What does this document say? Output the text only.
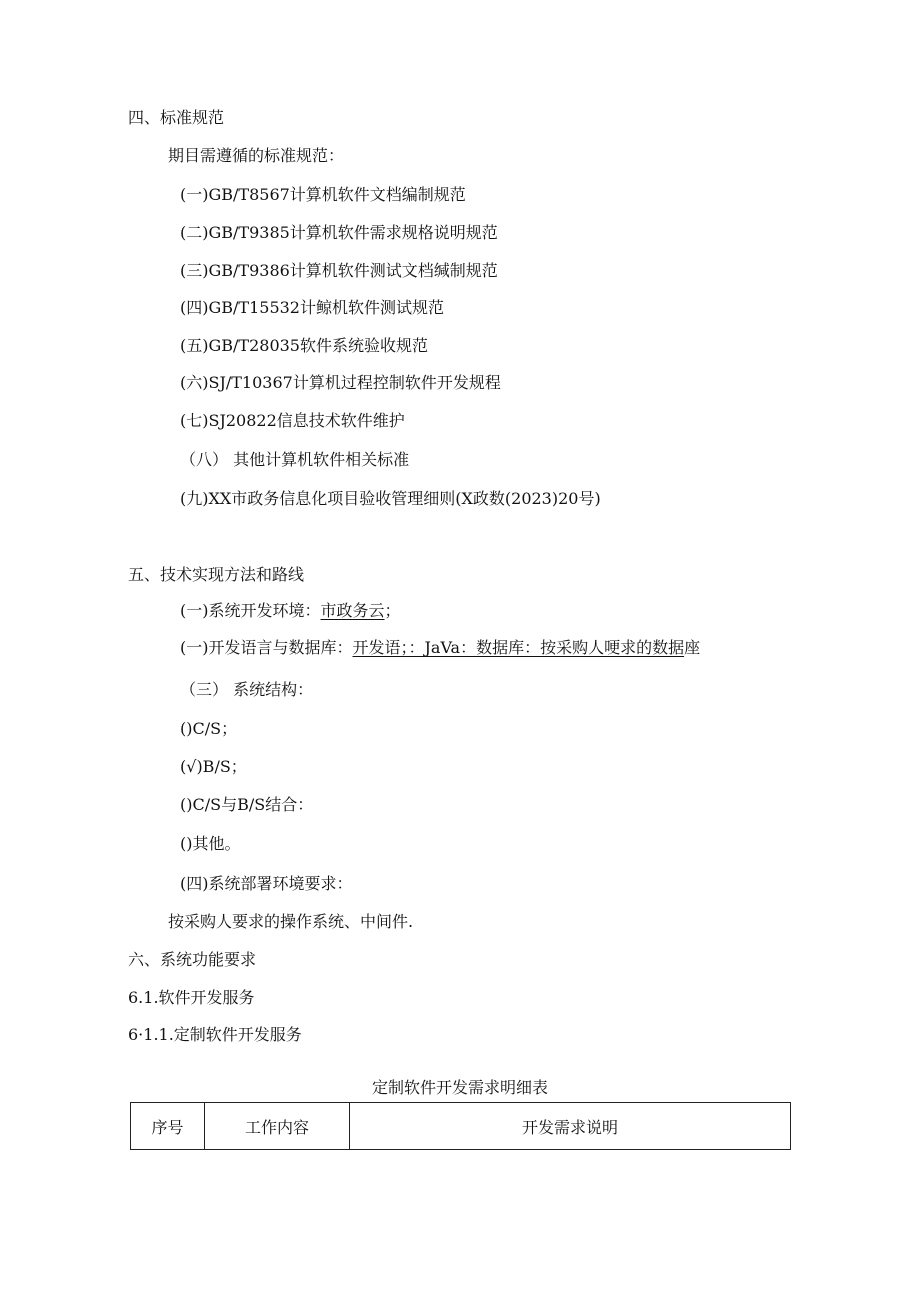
四、标准规范
期目需遵循的标准规范：
(一)GB/T8567计算机软件文档编制规范
(二)GB/T9385计算机软件需求规格说明规范
(三)GB/T9386计算机软件测试文档缄制规范
(四)GB/T15532计鲸机软件测试规范
(五)GB/T28035软件系统验收规范
(六)SJ/T10367计算机过程控制软件开发规程
(七)SJ20822信息技术软件维护
（八） 其他计算机软件相关标准
(九)XX市政务信息化项目验收管理细则(X政数(2023)20号)
五、技术实现方法和路线
(一)系统开发环境：市政务云；
(一)开发语言与数据库：开发语；：JaVa：数据库：按采购人哽求的数据座
（三） 系统结构：
()C/S；
(√)B/S；
()C/S与B/S结合：
()其他。
(四)系统部署环境要求：
按采购人要求的操作系统、中间件.
六、系统功能要求
6.1.软件开发服务
6·1.1.定制软件开发服务
定制软件开发需求明细表
序号	工作内容	开发需求说明
